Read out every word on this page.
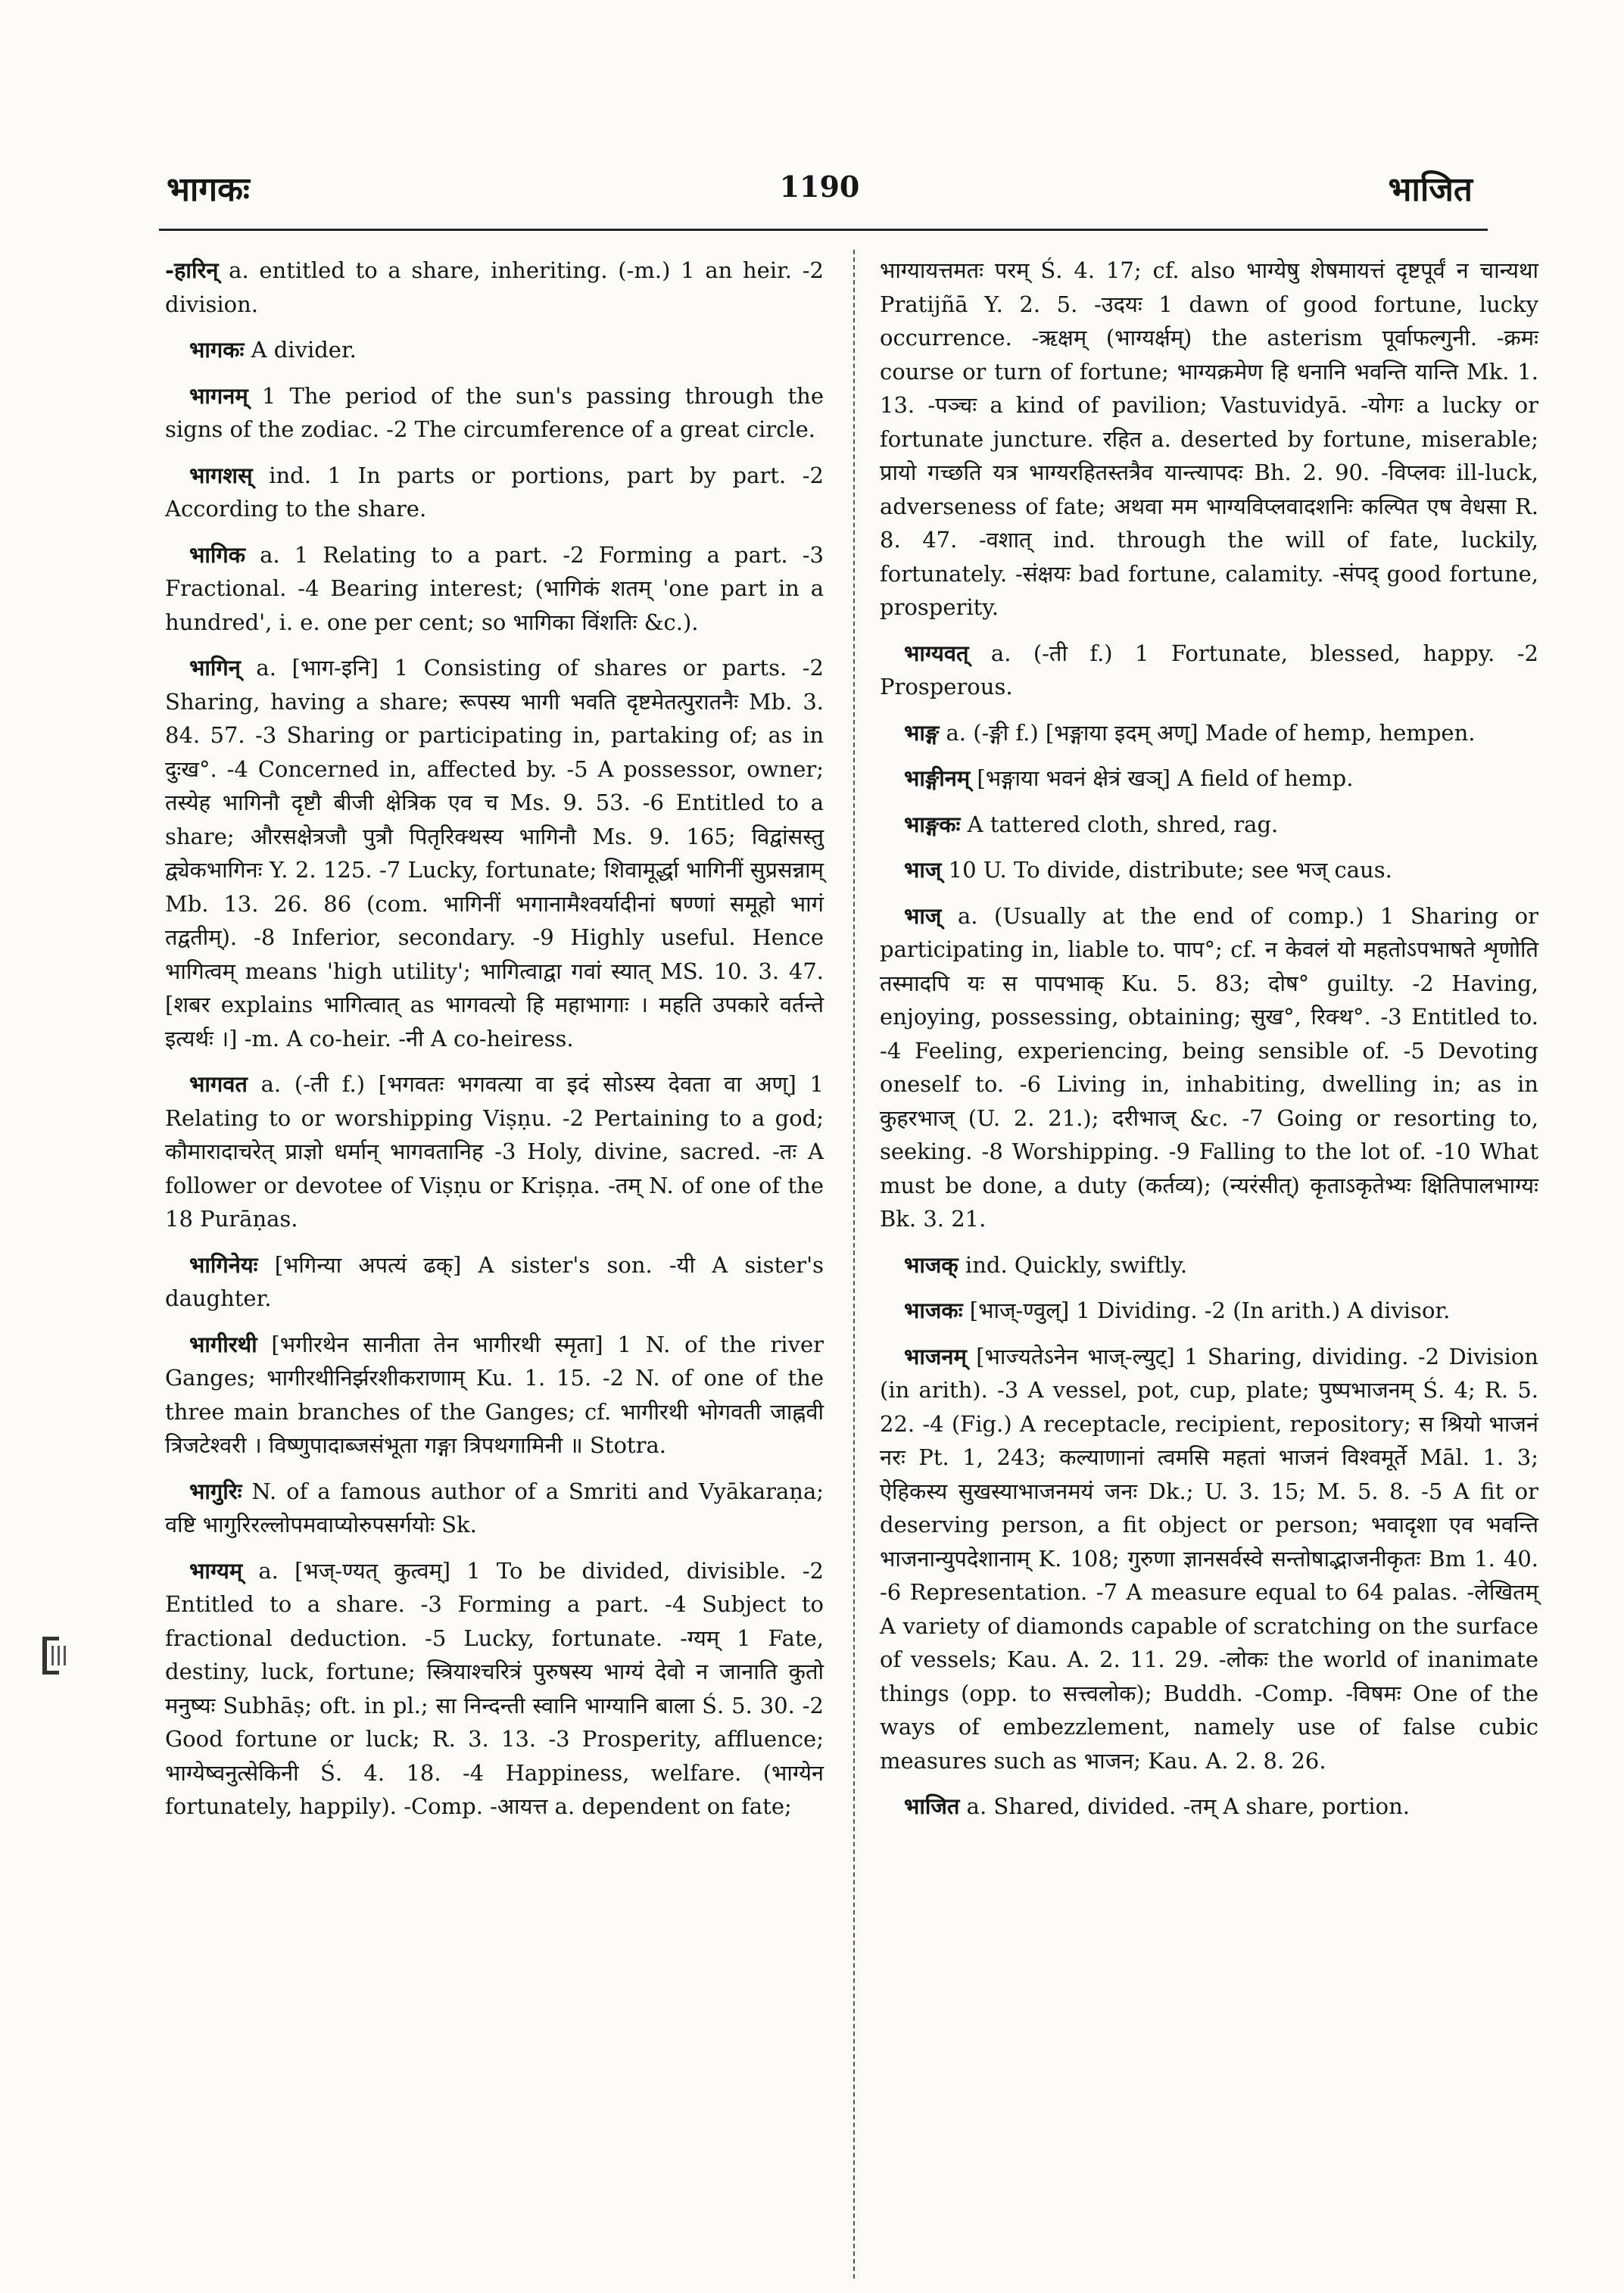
भागकः	1190	भाजित

-हारिन् a. entitled to a share, inheriting. (-m.) 1 an heir. -2 division.

भागकः A divider.

भागनम् 1 The period of the sun's passing through the signs of the zodiac. -2 The circumference of a great circle.

भागशस् ind. 1 In parts or portions, part by part. -2 According to the share.

भागिक a. 1 Relating to a part. -2 Forming a part. -3 Fractional. -4 Bearing interest; (भागिकं शतम् 'one part in a hundred', i. e. one per cent; so भागिका विंशतिः &c.).

भागिन् a. [भाग-इनि] 1 Consisting of shares or parts. -2 Sharing, having a share; रूपस्य भागी भवति दृष्टमेतत्पुरातनैः Mb. 3. 84. 57. -3 Sharing or participating in, partaking of; as in दुःख°. -4 Concerned in, affected by. -5 A possessor, owner; तस्येह भागिनौ दृष्टौ बीजी क्षेत्रिक एव च Ms. 9. 53. -6 Entitled to a share; औरसक्षेत्रजौ पुत्रौ पितृरिक्थस्य भागिनौ Ms. 9. 165; विद्वांसस्तु द्व्येकभागिनः Y. 2. 125. -7 Lucky, fortunate; शिवामूर्द्धा भागिनीं सुप्रसन्नाम् Mb. 13. 26. 86 (com. भागिनीं भगानामैश्वर्यादीनां षण्णां समूहो भागं तद्वतीम्). -8 Inferior, secondary. -9 Highly useful. Hence भागित्वम् means 'high utility'; भागित्वाद्वा गवां स्यात् MS. 10. 3. 47. [शबर explains भागित्वात् as भागवत्यो हि महाभागाः । महति उपकारे वर्तन्ते इत्यर्थः ।] -m. A co-heir. -नी A co-heiress.

भागवत a. (-ती f.) [भगवतः भगवत्या वा इदं सोऽस्य देवता वा अण्] 1 Relating to or worshipping Viṣṇu. -2 Pertaining to a god; कौमारादाचरेत् प्राज्ञो धर्मान् भागवतानिह -3 Holy, divine, sacred. -तः A follower or devotee of Viṣṇu or Kriṣṇa. -तम् N. of one of the 18 Purāṇas.

भागिनेयः [भगिन्या अपत्यं ढक्] A sister's son. -यी A sister's daughter.

भागीरथी [भगीरथेन सानीता तेन भागीरथी स्मृता] 1 N. of the river Ganges; भागीरथीनिर्झरशीकराणाम् Ku. 1. 15. -2 N. of one of the three main branches of the Ganges; cf. भागीरथी भोगवती जाह्नवी त्रिजटेश्वरी । विष्णुपादाब्जसंभूता गङ्गा त्रिपथगामिनी ॥ Stotra.

भागुरिः N. of a famous author of a Smriti and Vyākaraṇa; वष्टि भागुरिरल्लोपमवाप्योरुपसर्गयोः Sk.

भाग्यम् a. [भज्-ण्यत् कुत्वम्] 1 To be divided, divisible. -2 Entitled to a share. -3 Forming a part. -4 Subject to fractional deduction. -5 Lucky, fortunate. -ग्यम् 1 Fate, destiny, luck, fortune; स्त्रियाश्चरित्रं पुरुषस्य भाग्यं देवो न जानाति कुतो मनुष्यः Subhāṣ; oft. in pl.; सा निन्दन्ती स्वानि भाग्यानि बाला Ś. 5. 30. -2 Good fortune or luck; R. 3. 13. -3 Prosperity, affluence; भाग्येष्वनुत्सेकिनी Ś. 4. 18. -4 Happiness, welfare. (भाग्येन fortunately, happily). -Comp. -आयत्त a. dependent on fate;

भाग्यायत्तमतः परम् Ś. 4. 17; cf. also भाग्येषु शेषमायत्तं दृष्टपूर्वं न चान्यथा Pratijñā Y. 2. 5. -उदयः 1 dawn of good fortune, lucky occurrence. -ऋक्षम् (भाग्यर्क्षम्) the asterism पूर्वाफल्गुनी. -क्रमः course or turn of fortune; भाग्यक्रमेण हि धनानि भवन्ति यान्ति Mk. 1. 13. -पञ्चः a kind of pavilion; Vastuvidyā. -योगः a lucky or fortunate juncture. रहित a. deserted by fortune, miserable; प्रायो गच्छति यत्र भाग्यरहितस्तत्रैव यान्त्यापदः Bh. 2. 90. -विप्लवः ill-luck, adverseness of fate; अथवा मम भाग्यविप्लवादशनिः कल्पित एष वेधसा R. 8. 47. -वशात् ind. through the will of fate, luckily, fortunately. -संक्षयः bad fortune, calamity. -संपद् good fortune, prosperity.

भाग्यवत् a. (-ती f.) 1 Fortunate, blessed, happy. -2 Prosperous.

भाङ्ग a. (-ङ्गी f.) [भङ्गाया इदम् अण्] Made of hemp, hempen.

भाङ्गीनम् [भङ्गाया भवनं क्षेत्रं खञ्] A field of hemp.

भाङ्गकः A tattered cloth, shred, rag.

भाज् 10 U. To divide, distribute; see भज् caus.

भाज् a. (Usually at the end of comp.) 1 Sharing or participating in, liable to. पाप°; cf. न केवलं यो महतोऽपभाषते शृणोति तस्मादपि यः स पापभाक् Ku. 5. 83; दोष° guilty. -2 Having, enjoying, possessing, obtaining; सुख°, रिक्थ°. -3 Entitled to. -4 Feeling, experiencing, being sensible of. -5 Devoting oneself to. -6 Living in, inhabiting, dwelling in; as in कुहरभाज् (U. 2. 21.); दरीभाज् &c. -7 Going or resorting to, seeking. -8 Worshipping. -9 Falling to the lot of. -10 What must be done, a duty (कर्तव्य); (न्यरंसीत्) कृताऽकृतेभ्यः क्षितिपालभाग्यः Bk. 3. 21.

भाजक् ind. Quickly, swiftly.

भाजकः [भाज्-ण्वुल्] 1 Dividing. -2 (In arith.) A divisor.

भाजनम् [भाज्यतेऽनेन भाज्-ल्युट्] 1 Sharing, dividing. -2 Division (in arith). -3 A vessel, pot, cup, plate; पुष्पभाजनम् Ś. 4; R. 5. 22. -4 (Fig.) A receptacle, recipient, repository; स श्रियो भाजनं नरः Pt. 1, 243; कल्याणानां त्वमसि महतां भाजनं विश्वमूर्ते Māl. 1. 3; ऐहिकस्य सुखस्याभाजनमयं जनः Dk.; U. 3. 15; M. 5. 8. -5 A fit or deserving person, a fit object or person; भवादृशा एव भवन्ति भाजनान्युपदेशानाम् K. 108; गुरुणा ज्ञानसर्वस्वे सन्तोषाद्भाजनीकृतः Bm 1. 40. -6 Representation. -7 A measure equal to 64 palas. -लेखितम् A variety of diamonds capable of scratching on the surface of vessels; Kau. A. 2. 11. 29. -लोकः the world of inanimate things (opp. to सत्त्वलोक); Buddh. -Comp. -विषमः One of the ways of embezzlement, namely use of false cubic measures such as भाजन; Kau. A. 2. 8. 26.

भाजित a. Shared, divided. -तम् A share, portion.
